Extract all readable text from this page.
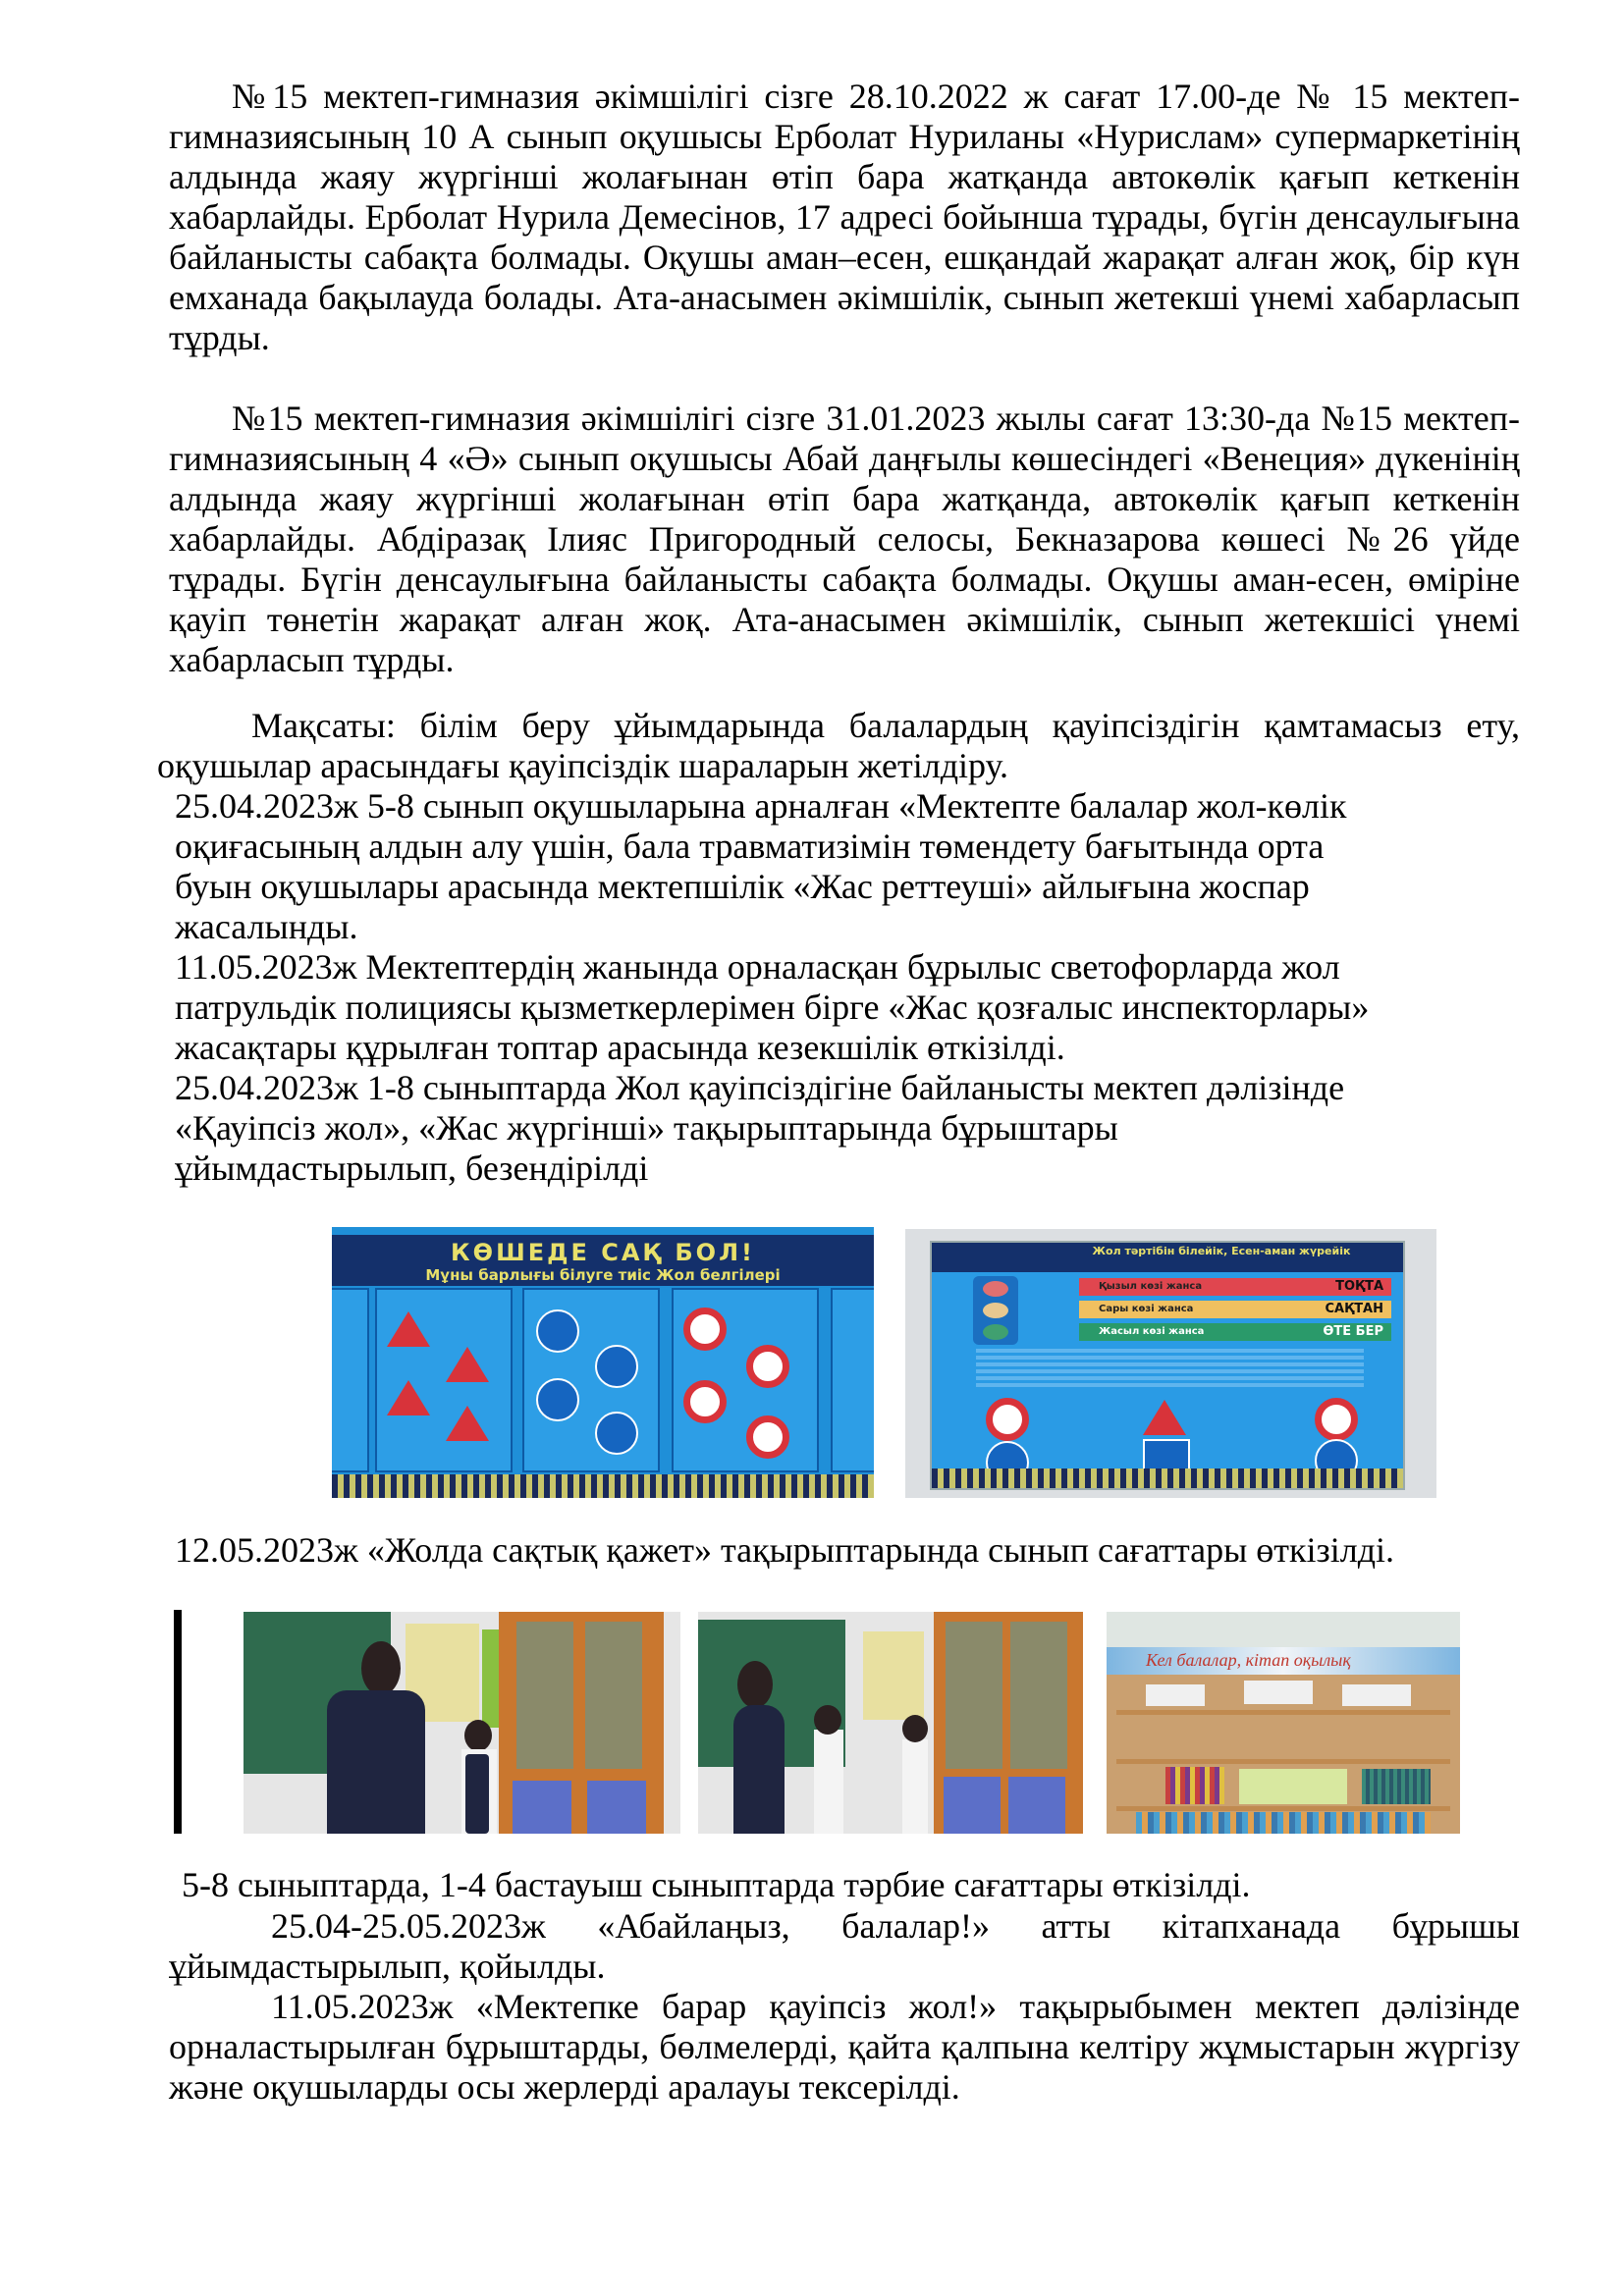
№15 мектеп-гимназия әкімшілігі сізге 28.10.2022 ж сағат 17.00-де № 15 мектеп-гимназиясының 10 А сынып оқушысы Ерболат Нуриланы «Нурислам» супермаркетінің алдында жаяу жүргінші жолағынан өтіп бара жатқанда автокөлік қағып кеткенін хабарлайды. Ерболат Нурила Демесінов, 17 адресі бойынша тұрады, бүгін денсаулығына байланысты сабақта болмады. Оқушы аман–есен, ешқандай жарақат алған жоқ, бір күн емханада бақылауда болады. Ата-анасымен әкімшілік, сынып жетекші үнемі хабарласып тұрды.

№15 мектеп-гимназия әкімшілігі сізге 31.01.2023 жылы сағат 13:30-да №15 мектеп-гимназиясының 4 «Ә» сынып оқушысы Абай даңғылы көшесіндегі «Венеция» дүкенінің алдында жаяу жүргінші жолағынан өтіп бара жатқанда, автокөлік қағып кеткенін хабарлайды. Абдіразақ Ілияс Пригородный селосы, Бекназарова көшесі №26 үйде тұрады. Бүгін денсаулығына байланысты сабақта болмады. Оқушы аман-есен, өміріне қауіп төнетін жарақат алған жоқ. Ата-анасымен әкімшілік, сынып жетекшісі үнемі хабарласып тұрды.

Мақсаты: білім беру ұйымдарында балалардың қауіпсіздігін қамтамасыз ету, оқушылар арасындағы қауіпсіздік шараларын жетілдіру.

25.04.2023ж 5-8 сынып оқушыларына арналған «Мектепте балалар жол-көлік
оқиғасының алдын алу үшін, бала травматизімін төмендету бағытында орта
буын оқушылары арасында мектепшілік «Жас реттеуші» айлығына жоспар
жасалынды.
11.05.2023ж Мектептердің жанында орналасқан бұрылыс светофорларда жол
патрульдік полициясы қызметкерлерімен бірге «Жас қозғалыс инспекторлары»
жасақтары құрылған топтар арасында кезекшілік өткізілді.
25.04.2023ж 1-8 сыныптарда Жол қауіпсіздігіне байланысты мектеп дәлізінде
«Қауіпсіз жол», «Жас жүргінші» тақырыптарында бұрыштары
ұйымдастырылып, безендірілді
КӨШЕДЕ САҚ БОЛ!
Мұны барлығы білуге тиіс Жол белгілері
Жол тәртібін білейік, Есен-аман жүрейік
Қызыл көзі жанса	ТОҚТА
Сары көзі жанса	САҚТАН
Жасыл көзі жанса	ӨТЕ БЕР

12.05.2023ж «Жолда сақтық қажет» тақырыптарында сынып сағаттары өткізілді.

Кел балалар, кітап оқылық

5-8 сыныптарда, 1-4 бастауыш сыныптарда тәрбие сағаттары өткізілді.

25.04-25.05.2023ж «Абайлаңыз, балалар!» атты кітапханада бұрышы ұйымдастырылып, қойылды.

11.05.2023ж «Мектепке барар қауіпсіз жол!» тақырыбымен мектеп дәлізінде орналастырылған бұрыштарды, бөлмелерді, қайта қалпына келтіру жұмыстарын жүргізу және оқушыларды осы жерлерді аралауы тексерілді.
